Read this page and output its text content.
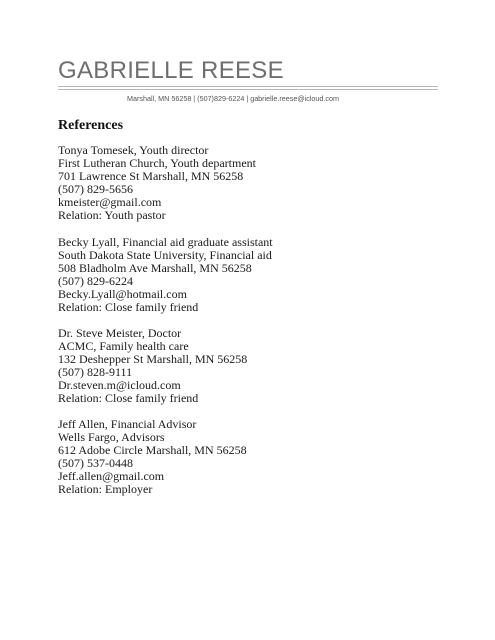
GABRIELLE REESE
Marshall, MN 56258 | (507)829-6224 | gabrielle.reese@icloud.com
References
Tonya Tomesek, Youth director
First Lutheran Church, Youth department
701 Lawrence St Marshall, MN 56258
(507) 829-5656
kmeister@gmail.com
Relation: Youth pastor
Becky Lyall, Financial aid graduate assistant
South Dakota State University, Financial aid
508 Bladholm Ave Marshall, MN 56258
(507) 829-6224
Becky.Lyall@hotmail.com
Relation: Close family friend
Dr. Steve Meister, Doctor
ACMC, Family health care
132 Deshepper St Marshall, MN 56258
(507) 828-9111
Dr.steven.m@icloud.com
Relation: Close family friend
Jeff Allen, Financial Advisor
Wells Fargo, Advisors
612 Adobe Circle Marshall, MN 56258
(507) 537-0448
Jeff.allen@gmail.com
Relation: Employer
